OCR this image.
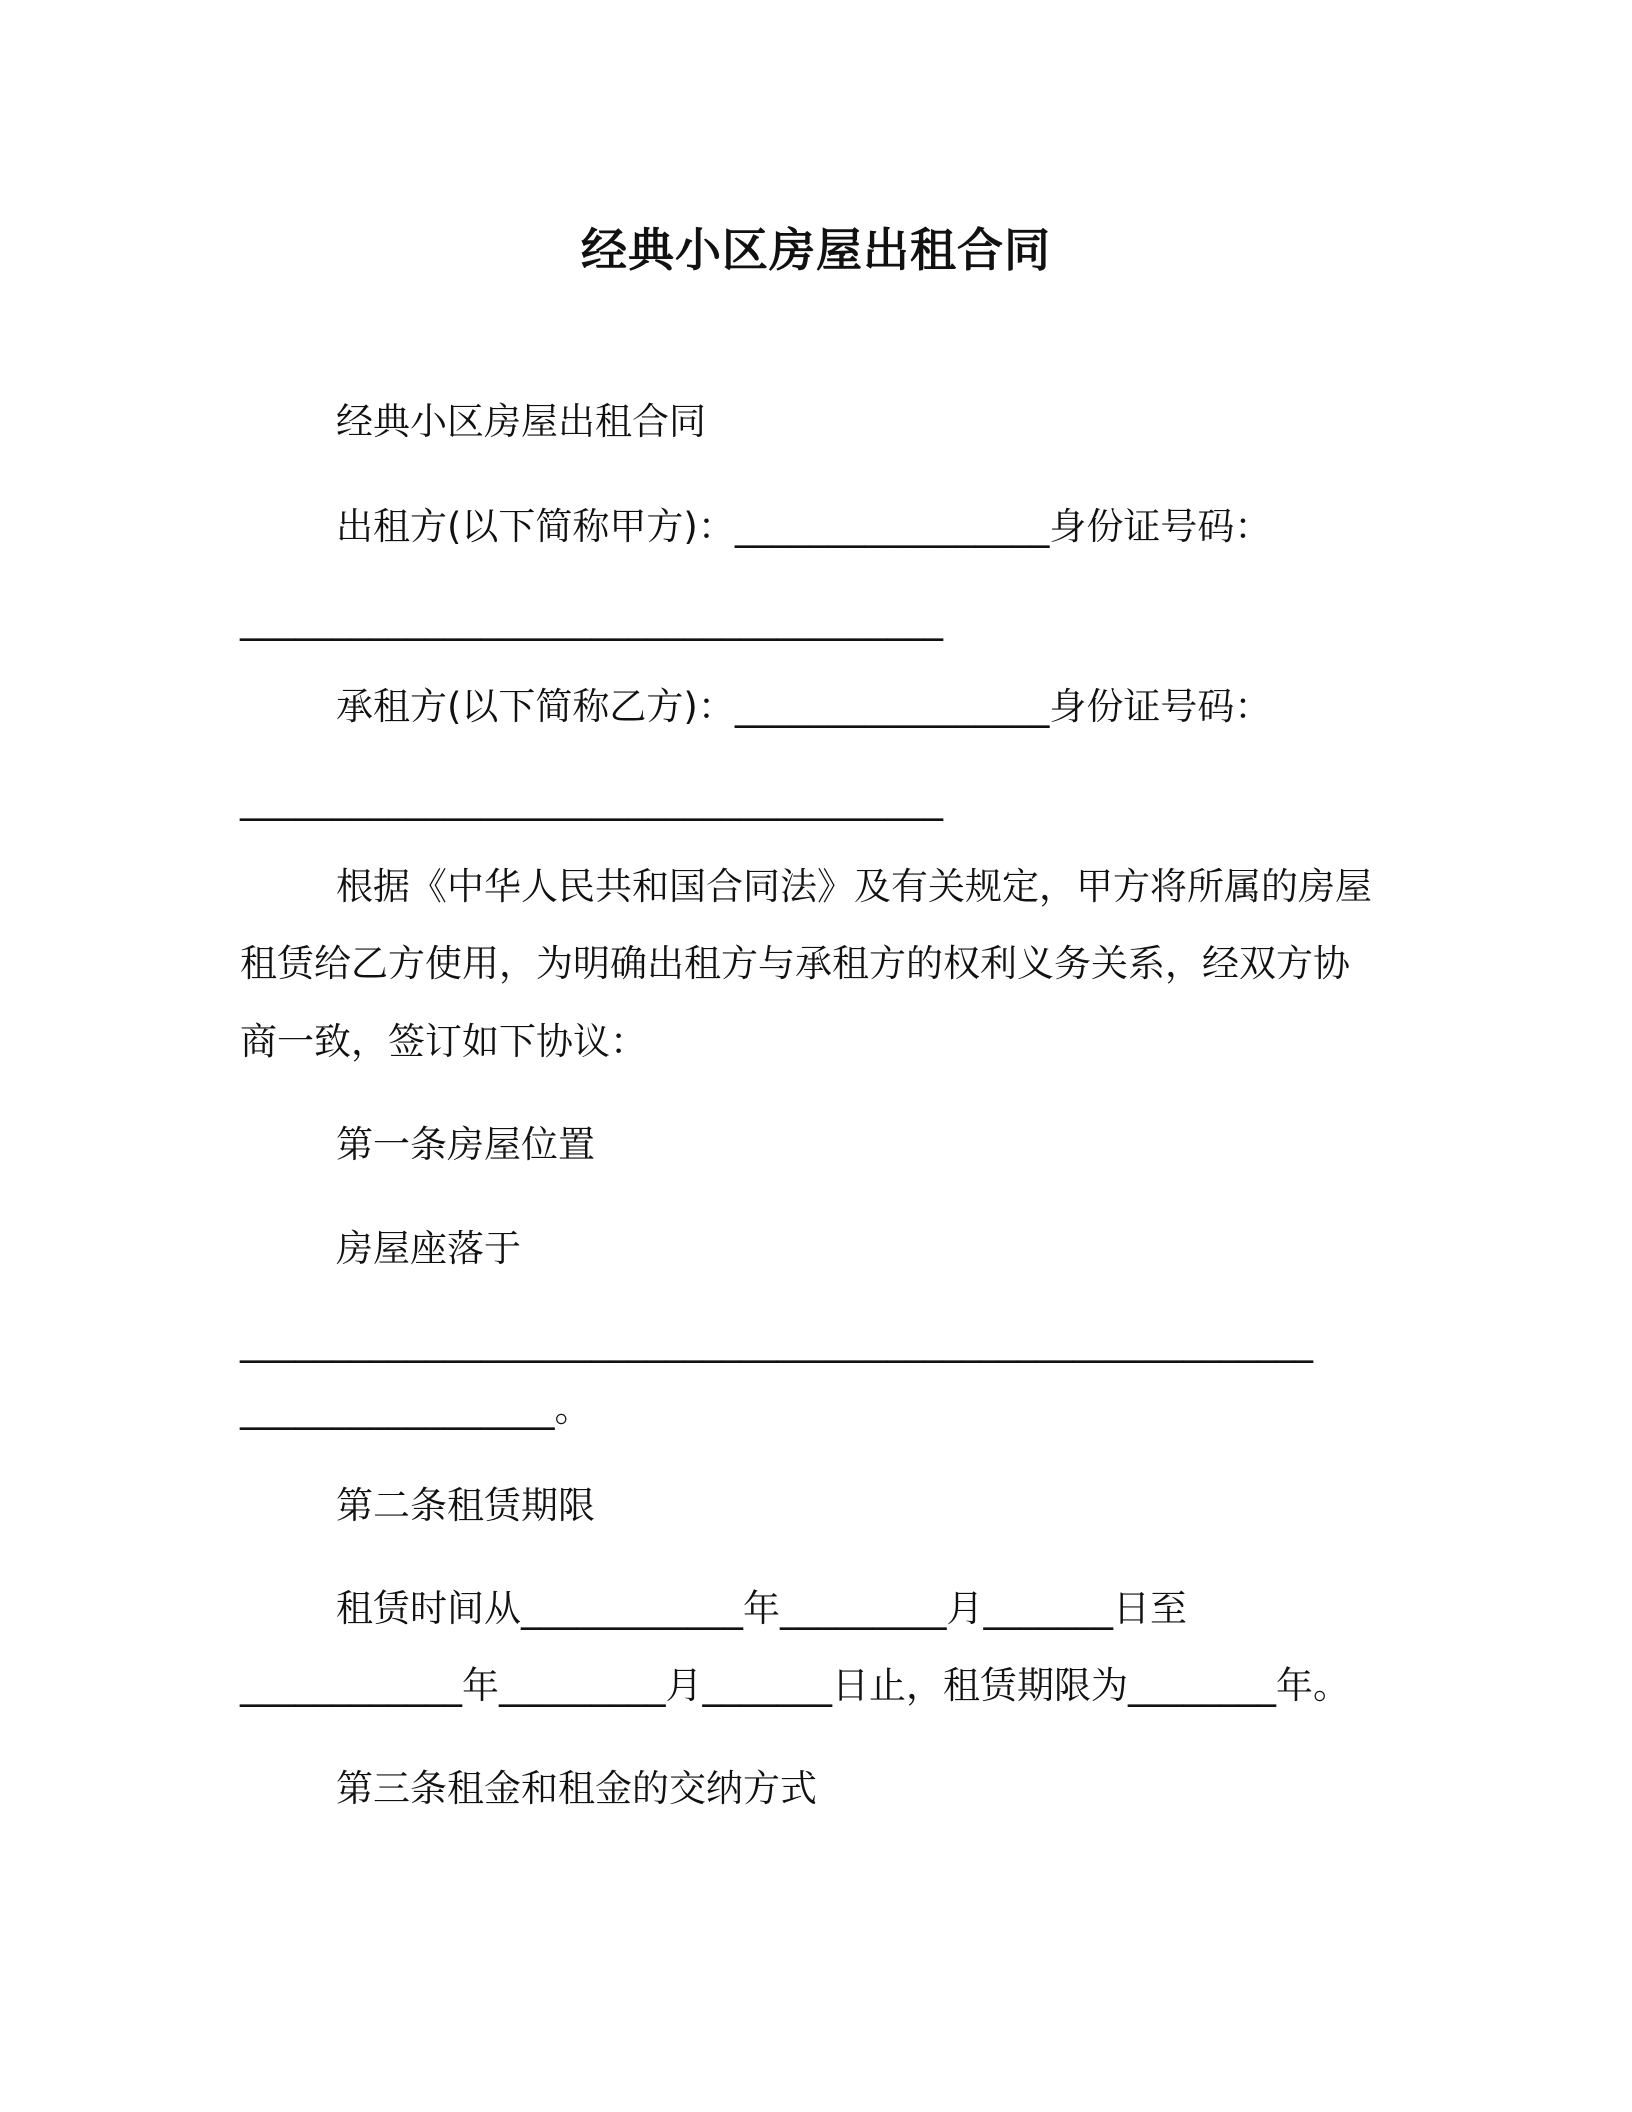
经典小区房屋出租合同
经典小区房屋出租合同
出租方(以下简称甲方)：_________________身份证号码：
______________________________________
承租方(以下简称乙方)：_________________身份证号码：
______________________________________
根据《中华人民共和国合同法》及有关规定，甲方将所属的房屋
租赁给乙方使用，为明确出租方与承租方的权利义务关系，经双方协
商一致，签订如下协议：
第一条房屋位置
房屋座落于
__________________________________________________________
_________________。
第二条租赁期限
租赁时间从____________年_________月_______日至
____________年_________月_______日止，租赁期限为________年。
第三条租金和租金的交纳方式
